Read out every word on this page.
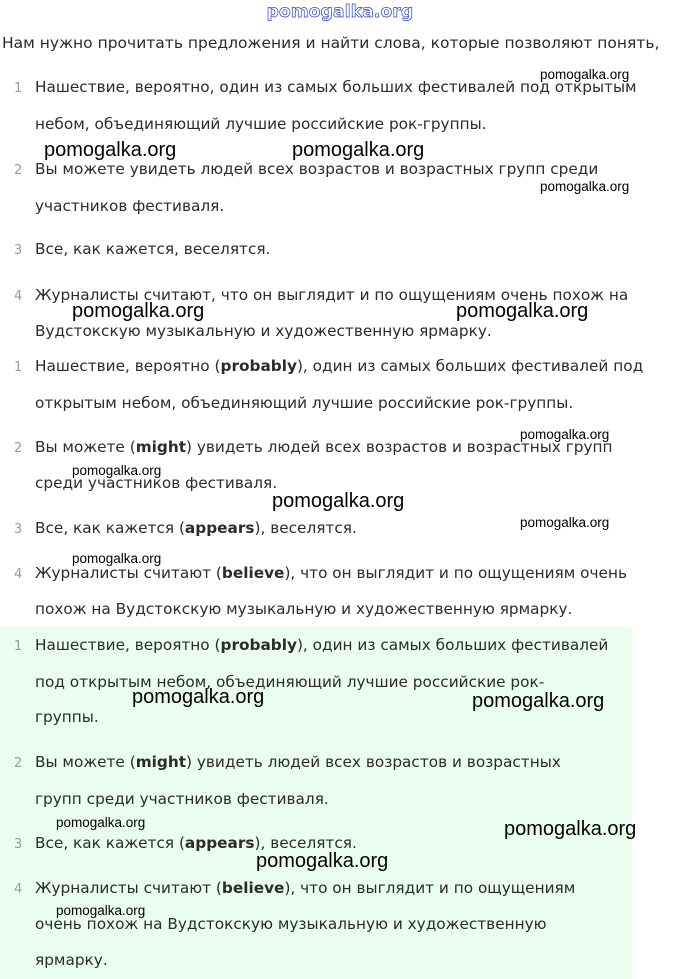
pomogalka.org
Нам нужно прочитать предложения и найти слова, которые позволяют понять,
1 Нашествие, вероятно, один из самых больших фестивалей под открытым
небом, объединяющий лучшие российские рок-группы.
2 Вы можете увидеть людей всех возрастов и возрастных групп среди
участников фестиваля.
3 Все, как кажется, веселятся.
4 Журналисты считают, что он выглядит и по ощущениям очень похож на
Вудстокскую музыкальную и художественную ярмарку.
1 Нашествие, вероятно (probably), один из самых больших фестивалей под
открытым небом, объединяющий лучшие российские рок-группы.
2 Вы можете (might) увидеть людей всех возрастов и возрастных групп
среди участников фестиваля.
3 Все, как кажется (appears), веселятся.
4 Журналисты считают (believe), что он выглядит и по ощущениям очень
похож на Вудстокскую музыкальную и художественную ярмарку.
1 Нашествие, вероятно (probably), один из самых больших фестивалей
под открытым небом, объединяющий лучшие российские рок-
группы.
2 Вы можете (might) увидеть людей всех возрастов и возрастных
групп среди участников фестиваля.
3 Все, как кажется (appears), веселятся.
4 Журналисты считают (believe), что он выглядит и по ощущениям
очень похож на Вудстокскую музыкальную и художественную
ярмарку.
pomogalka.org
pomogalka.org	pomogalka.org
pomogalka.org
pomogalka.org	pomogalka.org
pomogalka.org
pomogalka.org
pomogalka.org
pomogalka.org
pomogalka.org
pomogalka.org	pomogalka.org
pomogalka.org	pomogalka.org
pomogalka.org
pomogalka.org
